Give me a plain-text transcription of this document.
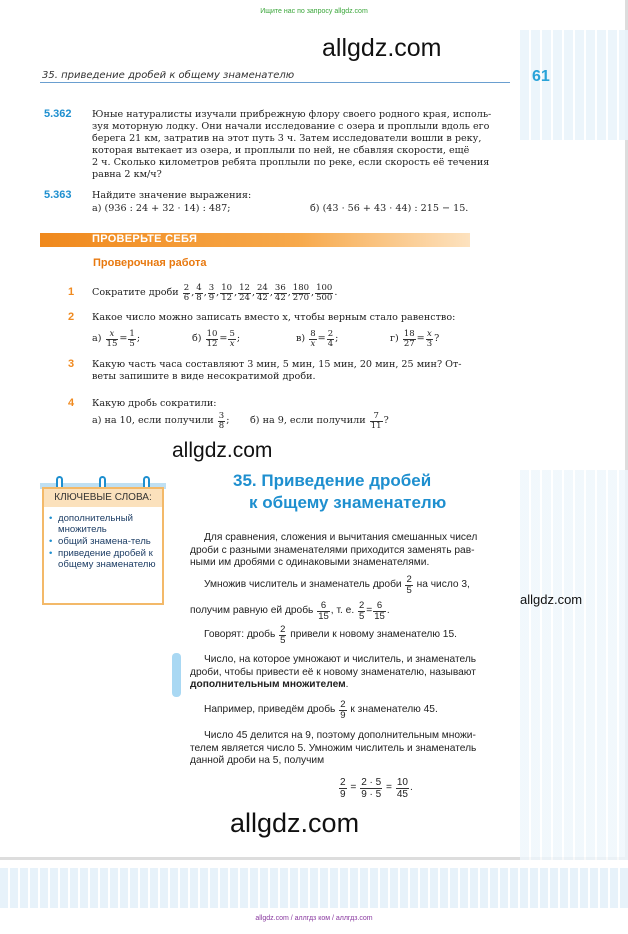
Ищите нас по запросу allgdz.com
allgdz.com
allgdz.com
allgdz.com
allgdz.com
35. приведение дробей к общему знаменателю	61
5.362 Юные натуралисты изучали прибрежную флору своего родного края, исполь-
зуя моторную лодку. Они начали исследование с озера и проплыли вдоль его
берега 21 км, затратив на этот путь 3 ч. Затем исследователи вошли в реку,
которая вытекает из озера, и проплыли по ней, не сбавляя скорости, ещё
2 ч. Сколько километров ребята проплыли по реке, если скорость её течения
равна 2 км/ч?
5.363 Найдите значение выражения:
а) (936 : 24 + 32 · 14) : 487;	б) (43 · 56 + 43 · 44) : 215 − 15.
ПРОВЕРЬТЕ СЕБЯ
Проверочная работа
1 Сократите дроби
$\frac{2}{6}$ , $\frac{4}{8}$ , $\frac{3}{9}$ , $\frac{10}{12}$ , $\frac{12}{24}$ , $\frac{24}{42}$ , $\frac{36}{42}$ , $\frac{180}{270}$ , $\frac{100}{500}$ .
2 Какое число можно записать вместо x, чтобы верным стало равенство:
а)
$\frac{x}{15} = \frac{1}{5}$ ;	б)
$\frac{10}{12} = \frac{5}{x}$ ;	в)
$\frac{8}{x} = \frac{2}{4}$ ;	г)
$\frac{18}{27} = \frac{x}{3}$ ?
3 Какую часть часа составляют 3 мин, 5 мин, 15 мин, 20 мин, 25 мин? От-
веты запишите в виде несократимой дроби.
4 Какую дробь сократили:
а) на 10, если получили
$\frac{3}{8}$ ; б) на 9, если получили
$\frac{7}{11}$ ?
КЛЮЧЕВЫЕ СЛОВА:
• дополнительный множитель
• общий знамена-тель
• приведение дробей к общему знаменателю
35. Приведение дробей
к общему знаменателю
Для сравнения, сложения и вычитания смешанных чисел
дроби с разными знаменателями приходится заменять рав-
ными им дробями с одинаковыми знаменателями.
Умножив числитель и знаменатель дроби
$\frac{2}{5}$
на число 3,
получим равную ей дробь
$\frac{6}{15}$ , т. е.
$\frac{2}{5} = \frac{6}{15}$ .
Говорят: дробь
$\frac{2}{5}$
привели к новому знаменателю 15.
Число, на которое умножают и числитель, и знаменатель
дроби, чтобы привести её к новому знаменателю, называют
дополнительным множителем.
Например, приведём дробь
$\frac{2}{9}$
к знаменателю 45.
Число 45 делится на 9, поэтому дополнительным множи-
телем является число 5. Умножим числитель и знаменатель
данной дроби на 5, получим
$\frac{2}{9} = \frac{2 \cdot 5}{9 \cdot 5} = \frac{10}{45}$ .
allgdz.com / аллгдз ком / аллгдз.com
